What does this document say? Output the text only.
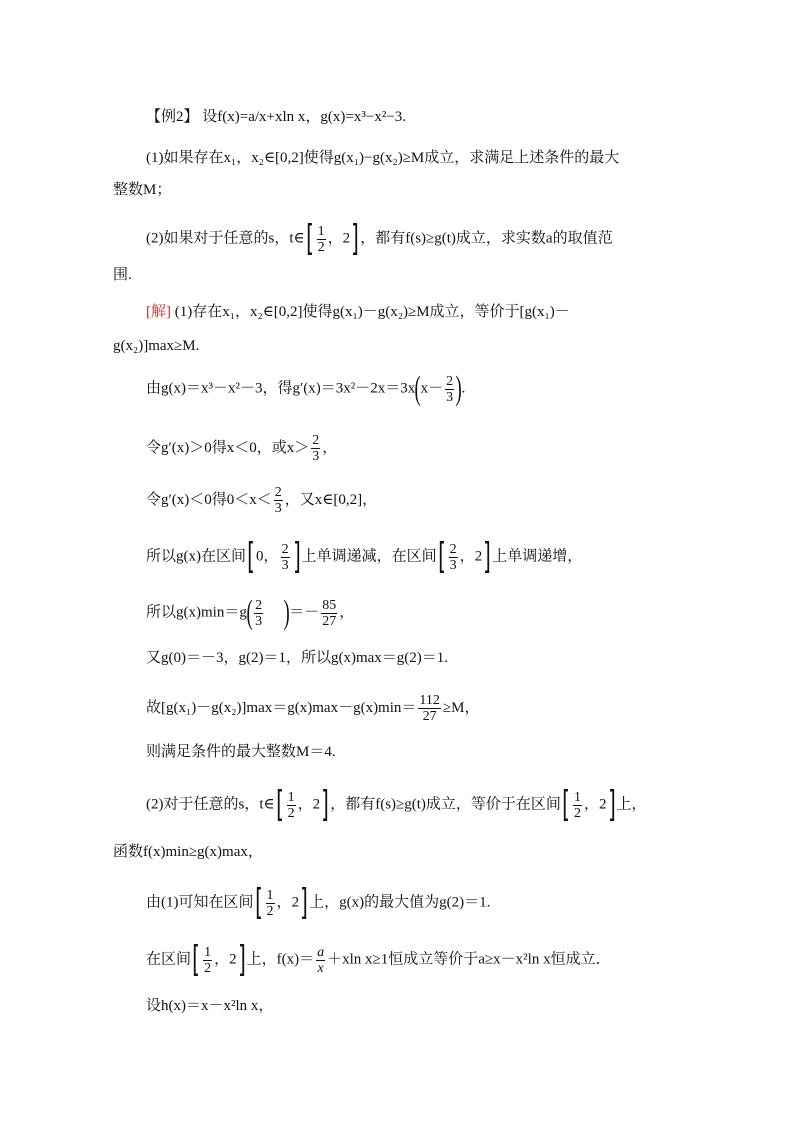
【例2】 设f(x)=a/x+xln x，g(x)=x³−x²−3.
(1)如果存在x₁，x₂∈[0,2]使得g(x₁)−g(x₂)≥M成立，求满足上述条件的最大
整数M；
(2)如果对于任意的s，t∈[ $\frac{1}{2}$ ，2]，都有f(s)≥g(t)成立，求实数a的取值范
围.
[解] (1)存在x₁，x₂∈[0,2]使得g(x₁)－g(x₂)≥M成立，等价于[g(x₁)－
g(x₂)]max≥M.
由g(x)＝x³－x²－3，得$g'(x)=3x^2-2x=3x(x- \frac{2}{3}$ ).
令g′(x)＞0得x＜0，或$x> \frac{2}{3}$ ，
令g′(x)＜0得$0<x< \frac{2}{3}$ ，又x∈[0,2]，
所以g(x)在区间[0， $\frac{2}{3}$ ]上单调递减，在区间[ $\frac{2}{3}$ ，2]上单调递增，
所以$g(x)\min=g( \frac{2}{3}$ )＝－ $\frac{85}{27}$ ，
又g(0)＝－3，g(2)＝1，所以g(x)max＝g(2)＝1.
故$[g(x_1)-g(x_2)]\max=g(x)\max-g(x)\min= \frac{112}{27} \ge M$，
则满足条件的最大整数M＝4.
(2)对于任意的s，t∈[ $\frac{1}{2}$ ，2]，都有f(s)≥g(t)成立，等价于在区间[ $\frac{1}{2}$ ，2]上，
函数f(x)min≥g(x)max，
由(1)可知在区间[ $\frac{1}{2}$ ，2]上，g(x)的最大值为g(2)＝1.
在区间[ $\frac{1}{2}$ ，2]上，$f(x)= \frac{a}{x} +xln$ x≥1恒成立等价于a≥x－x²ln x恒成立．
设h(x)＝x－x²ln x，
